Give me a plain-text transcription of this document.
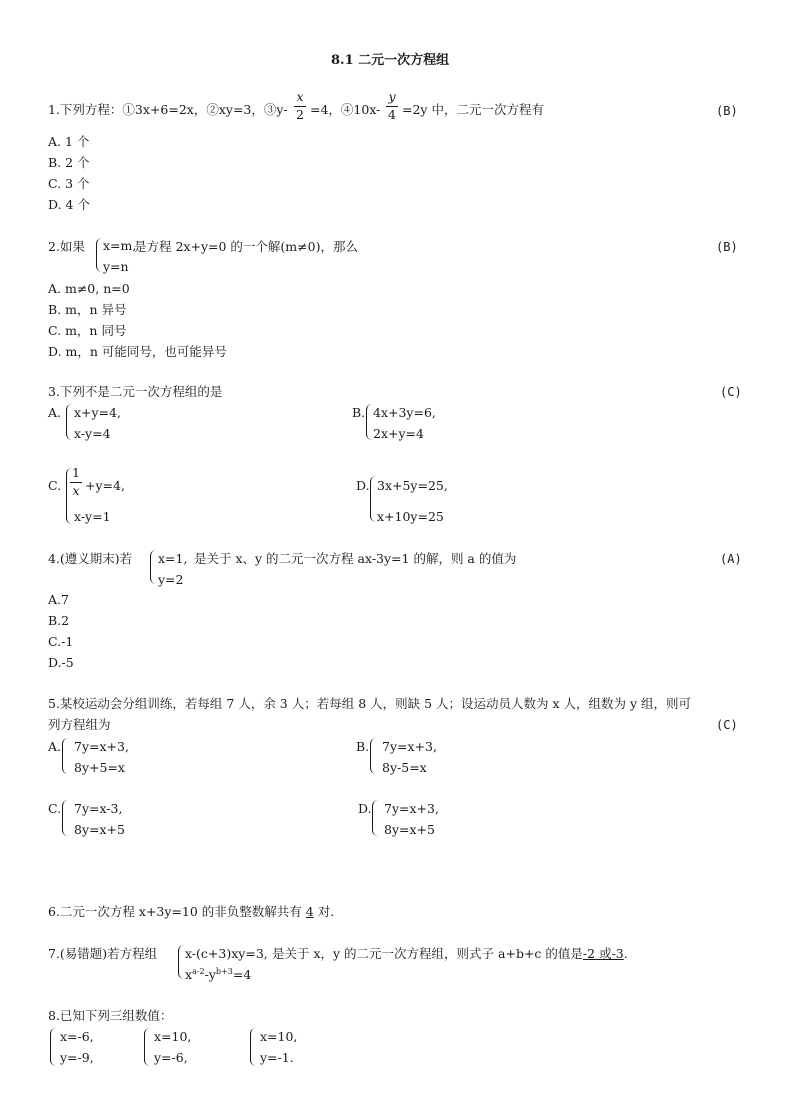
8.1 二元一次方程组
1.下列方程：①3x+6=2x，②xy=3，③y-
x
2 =4，④10x-
y
4 =2y 中，二元一次方程有	(B)
A. 1 个
B. 2 个
C. 3 个
D. 4 个
2.如果 x=m,
y=n
是方程 2x+y=0 的一个解(m≠0)，那么	(B)
A. m≠0, n=0
B. m，n 异号
C. m，n 同号
D. m，n 可能同号，也可能异号
3.下列不是二元一次方程组的是	(C)
A. x+y=4,
x-y=4
B. 4x+3y=6,
2x+y=4
C.
1
x +y=4,
x-y=1
D. 3x+5y=25,
x+10y=25
4.(遵义期末)若 x=1,
y=2
是关于 x、y 的二元一次方程 ax-3y=1 的解，则 a 的值为	(A)
A.7
B.2
C.-1
D.-5
5.某校运动会分组训练，若每组 7 人，余 3 人；若每组 8 人，则缺 5 人；设运动员人数为 x 人，组数为 y 组，则可
列方程组为	(C)
A. 7y=x+3,
8y+5=x
B. 7y=x+3,
8y-5=x
C. 7y=x-3,
8y=x+5
D. 7y=x+3,
8y=x+5
6.二元一次方程 x+3y=10 的非负整数解共有 4 对.
7.(易错题)若方程组 x-(c+3)xy=3,
$x^{a-2}-y^{b+3}=4$
是关于 x，y 的二元一次方程组，则式子 a+b+c 的值是-2 或-3.
8.已知下列三组数值：
x=-6,
y=-9,
x=10,
y=-6,
x=10,
y=-1.
